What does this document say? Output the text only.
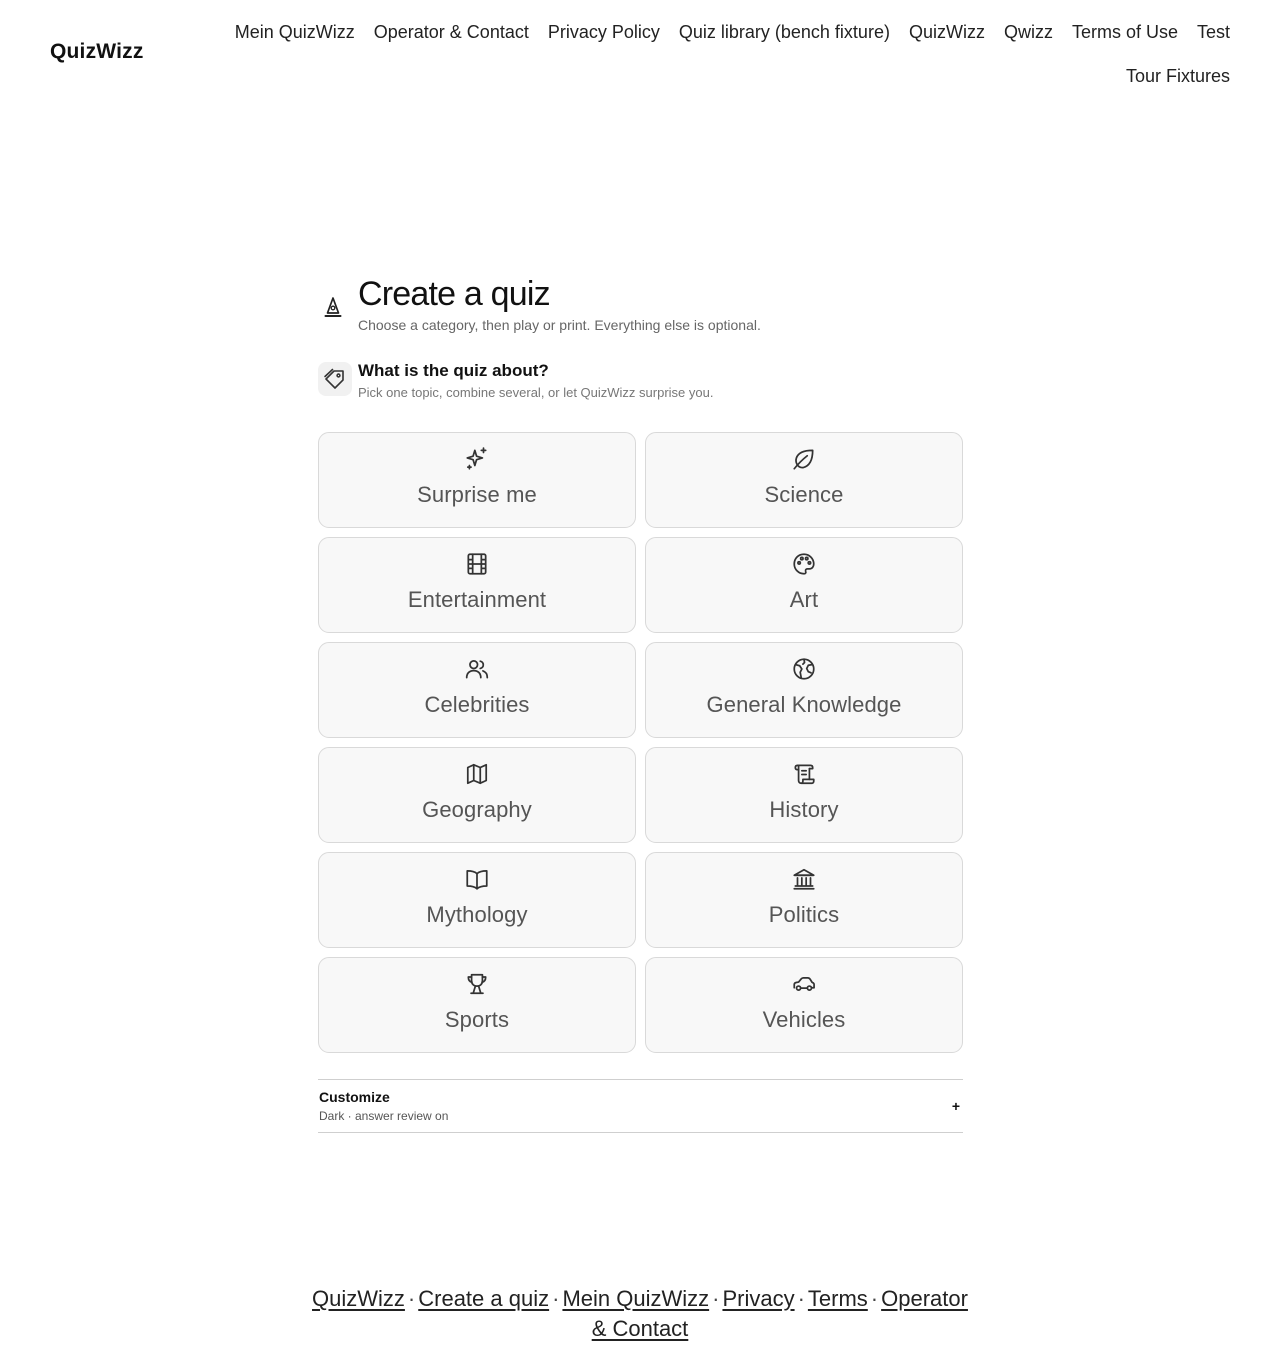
QuizWizz
Mein QuizWizz Operator & Contact Privacy Policy Quiz library (bench fixture) QuizWizz Qwizz Terms of Use Test
Tour Fixtures
Create a quiz

Choose a category, then play or print. Everything else is optional.

What is the quiz about?

Pick one topic, combine several, or let QuizWizz surprise you.

Surprise me	Science
Entertainment	Art
Celebrities	General Knowledge
Geography	History
Mythology	Politics
Sports	Vehicles
Customize
Dark · answer review on
+
QuizWizz · Create a quiz · Mein QuizWizz · Privacy · Terms · Operator & Contact
